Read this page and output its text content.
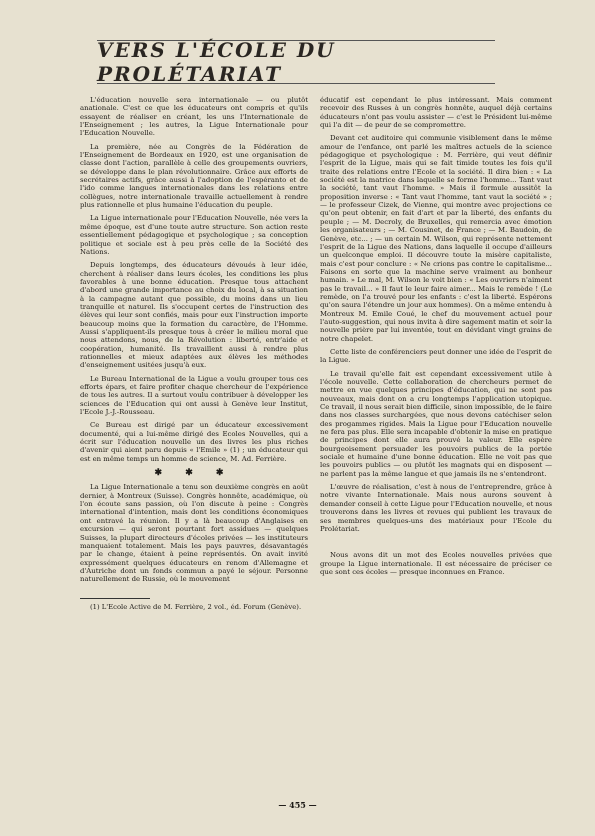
VERS L'ÉCOLE DU PROLÉTARIAT

L'éducation nouvelle sera internationale — ou plutôt anationale. C'est ce que les éducateurs ont compris et qu'ils essayent de réaliser en créant, les uns l'Internationale de l'Enseignement ; les autres, la Ligue Internationale pour l'Education Nouvelle.

La première, née au Congrès de la Fédération de l'Enseignement de Bordeaux en 1920, est une organisation de classe dont l'action, parallèle à celle des groupements ouvriers, se développe dans le plan révolutionnaire. Grâce aux efforts de secrétaires actifs, grâce aussi à l'adoption de l'espéranto et de l'ido comme langues internationales dans les relations entre collègues, notre internationale travaille actuellement à rendre plus rationnelle et plus humaine l'éducation du peuple.

La Ligue internationale pour l'Education Nouvelle, née vers la même époque, est d'une toute autre structure. Son action reste essentiellement pédagogique et psychologique ; sa conception politique et sociale est à peu près celle de la Société des Nations.

Depuis longtemps, des éducateurs dévoués à leur idée, cherchent à réaliser dans leurs écoles, les conditions les plus favorables à une bonne éducation. Presque tous attachent d'abord une grande importance au choix du local, à sa situation à la campagne autant que possible, du moins dans un lieu tranquille et naturel. Ils s'occupent certes de l'instruction des élèves qui leur sont confiés, mais pour eux l'instruction importe beaucoup moins que la formation du caractère, de l'Homme. Aussi s'appliquent-ils presque tous à créer le milieu moral que nous attendons, nous, de la Révolution : liberté, entr'aide et coopération, humanité. Ils travaillent aussi à rendre plus rationnelles et mieux adaptées aux élèves les méthodes d'enseignement usitées jusqu'à eux.

Le Bureau International de la Ligue a voulu grouper tous ces efforts épars, et faire profiter chaque chercheur de l'expérience de tous les autres. Il a surtout voulu contribuer à développer les sciences de l'Education qui ont aussi à Genève leur Institut, l'Ecole J.-J.-Rousseau.

Ce Bureau est dirigé par un éducateur excessivement documenté, qui a lui-même dirigé des Ecoles Nouvelles, qui a écrit sur l'éducation nouvelle un des livres les plus riches d'avenir qui aient paru depuis « l'Emile » (1) ; un éducateur qui est en même temps un homme de science, M. Ad. Ferrière.

✱ ✱ ✱

La Ligue Internationale a tenu son deuxième congrès en août dernier, à Montreux (Suisse). Congrès honnête, académique, où l'on écoute sans passion, où l'on discute à peine : Congrès international d'intention, mais dont les conditions économiques ont entravé la réunion. Il y a là beaucoup d'Anglaises en excursion — qui seront pourtant fort assidues — quelques Suisses, la plupart directeurs d'écoles privées — les instituteurs manquaient totalement. Mais les pays pauvres, désavantagés par le change, étaient à peine représentés. On avait invité expressément quelques éducateurs en renom d'Allemagne et d'Autriche dont un fonds commun a payé le séjour. Personne naturellement de Russie, où le mouvement

(1) L'Ecole Active de M. Ferrière, 2 vol., éd. Forum (Genève).

éducatif est cependant le plus intéressant. Mais comment recevoir des Russes à un congrès honnête, auquel déjà certains éducateurs n'ont pas voulu assister — c'est le Président lui-même qui l'a dit — de peur de se compromettre.

Devant cet auditoire qui communie visiblement dans le même amour de l'enfance, ont parlé les maîtres actuels de la science pédagogique et psychologique : M. Ferrière, qui veut définir l'esprit de la Ligue, mais qui se fait timide toutes les fois qu'il traite des relations entre l'Ecole et la société. Il dira bien : « La société est la matrice dans laquelle se forme l'homme... Tant vaut la société, tant vaut l'homme. » Mais il formule aussitôt la proposition inverse : « Tant vaut l'homme, tant vaut la société » ; — le professeur Cizek, de Vienne, qui montre avec projections ce qu'on peut obtenir, en fait d'art et par la liberté, des enfants du peuple ; — M. Decroly, de Bruxelles, qui remercia avec émotion les organisateurs ; — M. Cousinet, de France ; — M. Baudoin, de Genève, etc... ; — un certain M. Wilson, qui représente nettement l'esprit de la Ligue des Nations, dans laquelle il occupe d'ailleurs un quelconque emploi. Il découvre toute la misère capitaliste, mais c'est pour conclure : « Ne crions pas contre le capitalisme... Faisons en sorte que la machine serve vraiment au bonheur humain. » Le mal, M. Wilson le voit bien : « Les ouvriers n'aiment pas le travail... » Il faut le leur faire aimer... Mais le remède ! (Le remède, on l'a trouvé pour les enfants : c'est la liberté. Espérons qu'on saura l'étendre un jour aux hommes). On a même entendu à Montreux M. Emile Coué, le chef du mouvement actuel pour l'auto-suggestion, qui nous invita à dire sagement matin et soir la nouvelle prière par lui inventée, tout en dévidant vingt grains de notre chapelet.

Cette liste de conférenciers peut donner une idée de l'esprit de la Ligue.

Le travail qu'elle fait est cependant excessivement utile à l'école nouvelle. Cette collaboration de chercheurs permet de mettre en vue quelques principes d'éducation, qui ne sont pas nouveaux, mais dont on a cru longtemps l'application utopique. Ce travail, il nous serait bien difficile, sinon impossible, de le faire dans nos classes surchargées, que nous devons catéchiser selon des progammes rigides. Mais la Ligue pour l'Education nouvelle ne fera pas plus. Elle sera incapable d'obtenir la mise en pratique de principes dont elle aura prouvé la valeur. Elle espère bourgeoisement persuader les pouvoirs publics de la portée sociale et humaine d'une bonne éducation. Elle ne voit pas que les pouvoirs publics — ou plutôt les magnats qui en disposent — ne parlent pas la même langue et que jamais ils ne s'entendront.

L'œuvre de réalisation, c'est à nous de l'entreprendre, grâce à notre vivante Internationale. Mais nous aurons souvent à demander conseil à cette Ligue pour l'Education nouvelle, et nous trouverons dans les livres et revues qui publient les travaux de ses membres quelques-uns des matériaux pour l'Ecole du Prolétariat.

Nous avons dit un mot des Ecoles nouvelles privées que groupe la Ligue internationale. Il est nécessaire de préciser ce que sont ces écoles — presque inconnues en France.

— 455 —
